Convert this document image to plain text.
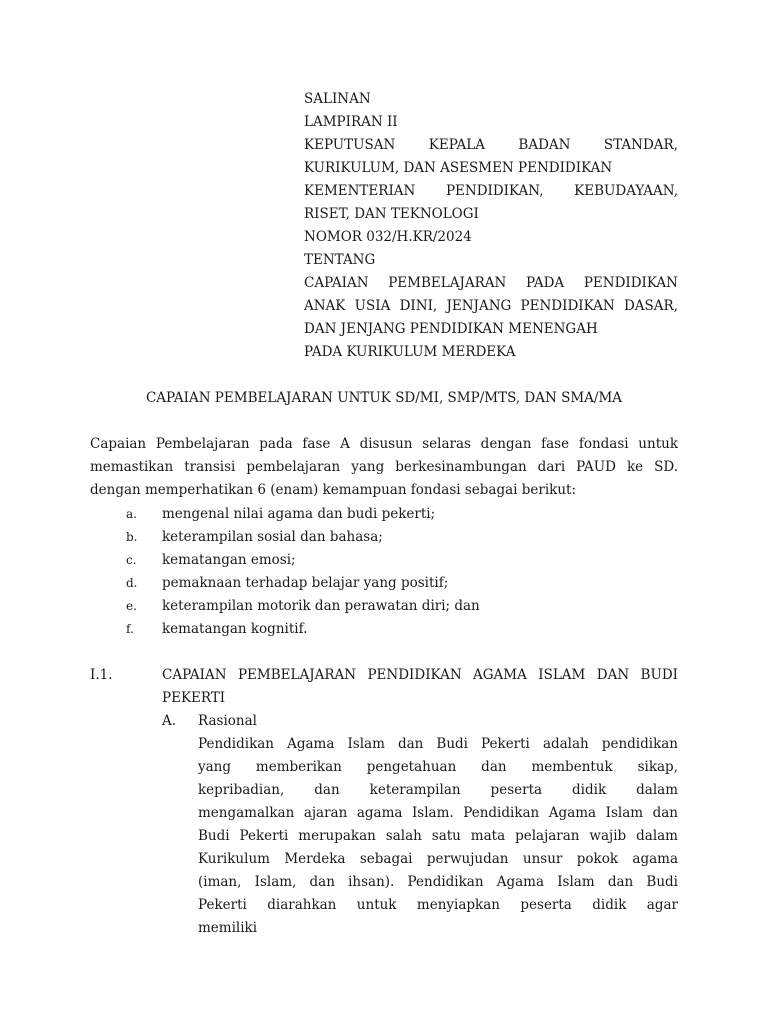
SALINAN
LAMPIRAN II
KEPUTUSAN KEPALA BADAN STANDAR,
KURIKULUM, DAN ASESMEN PENDIDIKAN
KEMENTERIAN PENDIDIKAN, KEBUDAYAAN,
RISET, DAN TEKNOLOGI
NOMOR 032/H.KR/2024
TENTANG
CAPAIAN PEMBELAJARAN PADA PENDIDIKAN
ANAK USIA DINI, JENJANG PENDIDIKAN DASAR,
DAN JENJANG PENDIDIKAN MENENGAH
PADA KURIKULUM MERDEKA
CAPAIAN PEMBELAJARAN UNTUK SD/MI, SMP/MTS, DAN SMA/MA
Capaian Pembelajaran pada fase A disusun selaras dengan fase fondasi untuk
memastikan transisi pembelajaran yang berkesinambungan dari PAUD ke SD.
dengan memperhatikan 6 (enam) kemampuan fondasi sebagai berikut:
a. mengenal nilai agama dan budi pekerti;
b. keterampilan sosial dan bahasa;
c. kematangan emosi;
d. pemaknaan terhadap belajar yang positif;
e. keterampilan motorik dan perawatan diri; dan
f. kematangan kognitif.
I.1.	CAPAIAN PEMBELAJARAN PENDIDIKAN AGAMA ISLAM DAN BUDI
PEKERTI
A. Rasional
Pendidikan Agama Islam dan Budi Pekerti adalah pendidikan
yang memberikan pengetahuan dan membentuk sikap,
kepribadian, dan keterampilan peserta didik dalam
mengamalkan ajaran agama Islam. Pendidikan Agama Islam dan
Budi Pekerti merupakan salah satu mata pelajaran wajib dalam
Kurikulum Merdeka sebagai perwujudan unsur pokok agama
(iman, Islam, dan ihsan). Pendidikan Agama Islam dan Budi
Pekerti diarahkan untuk menyiapkan peserta didik agar
memiliki
